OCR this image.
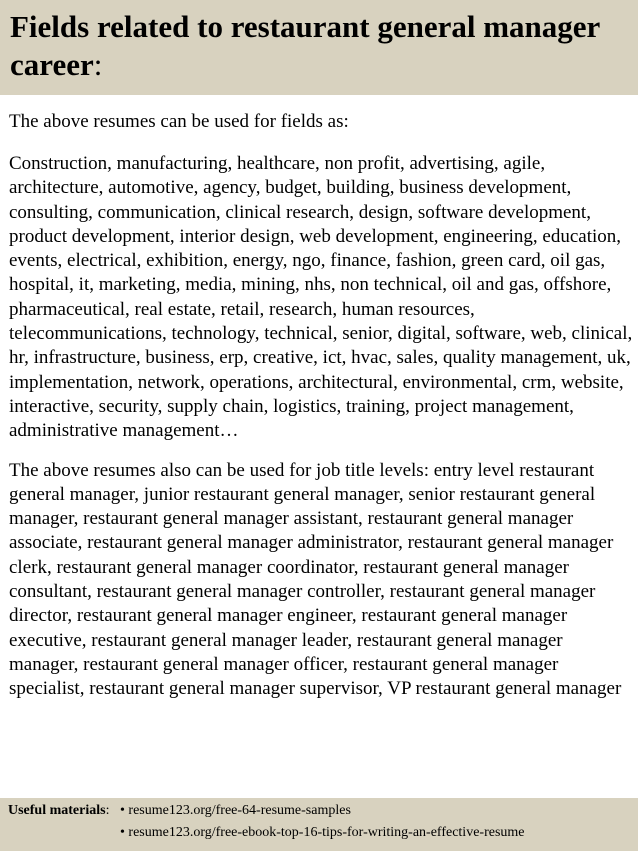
Fields related to restaurant general manager career:

The above resumes can be used for fields as:

Construction, manufacturing, healthcare, non profit, advertising, agile, architecture, automotive, agency, budget, building, business development, consulting, communication, clinical research, design, software development, product development, interior design, web development, engineering, education, events, electrical, exhibition, energy, ngo, finance, fashion, green card, oil gas, hospital, it, marketing, media, mining, nhs, non technical, oil and gas, offshore, pharmaceutical, real estate, retail, research, human resources, telecommunications, technology, technical, senior, digital, software, web, clinical, hr, infrastructure, business, erp, creative, ict, hvac, sales, quality management, uk, implementation, network, operations, architectural, environmental, crm, website, interactive, security, supply chain, logistics, training, project management, administrative management…

The above resumes also can be used for job title levels: entry level restaurant general manager, junior restaurant general manager, senior restaurant general manager, restaurant general manager assistant, restaurant general manager associate, restaurant general manager administrator, restaurant general manager clerk, restaurant general manager coordinator, restaurant general manager consultant, restaurant general manager controller, restaurant general manager director, restaurant general manager engineer, restaurant general manager executive, restaurant general manager leader, restaurant general manager manager, restaurant general manager officer, restaurant general manager specialist, restaurant general manager supervisor, VP restaurant general manager

Useful materials: • resume123.org/free-64-resume-samples
• resume123.org/free-ebook-top-16-tips-for-writing-an-effective-resume
